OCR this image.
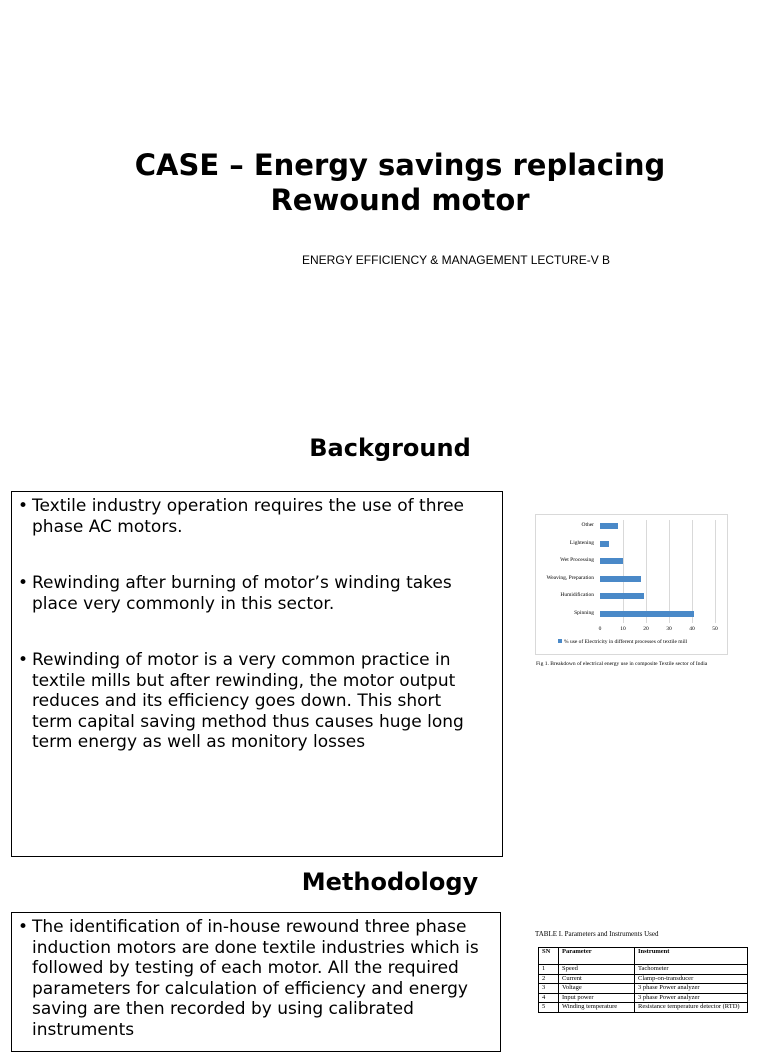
CASE – Energy savings replacing Rewound motor
ENERGY EFFICIENCY & MANAGEMENT LECTURE-V B
Background
• Textile industry operation requires the use of three phase AC motors.
• Rewinding after burning of motor’s winding takes place very commonly in this sector.
• Rewinding of motor is a very common practice in textile mills but after rewinding, the motor output reduces and its efficiency goes down. This short term capital saving method thus causes huge long term energy as well as monitory losses
% use of Electricity in different processes of textile mill
Fig 1. Breakdown of electrical energy use in composite Textile sector of India
0	10	20	30	40	50
Other
Lightening
Wet Processing
Weaving, Preparation
Humidification
Spinning
Methodology
• The identification of in-house rewound three phase induction motors are done textile industries which is followed by testing of each motor. All the required parameters for calculation of efficiency and energy saving are then recorded by using calibrated instruments
TABLE I. Parameters and Instruments Used
SN	Parameter	Instrument
1	Speed	Tachometer
2	Current	Clamp-on-transducer
3	Voltage	3 phase Power analyzer
4	Input power	3 phase Power analyzer
5	Winding temperature	Resistance temperature detector (RTD)
